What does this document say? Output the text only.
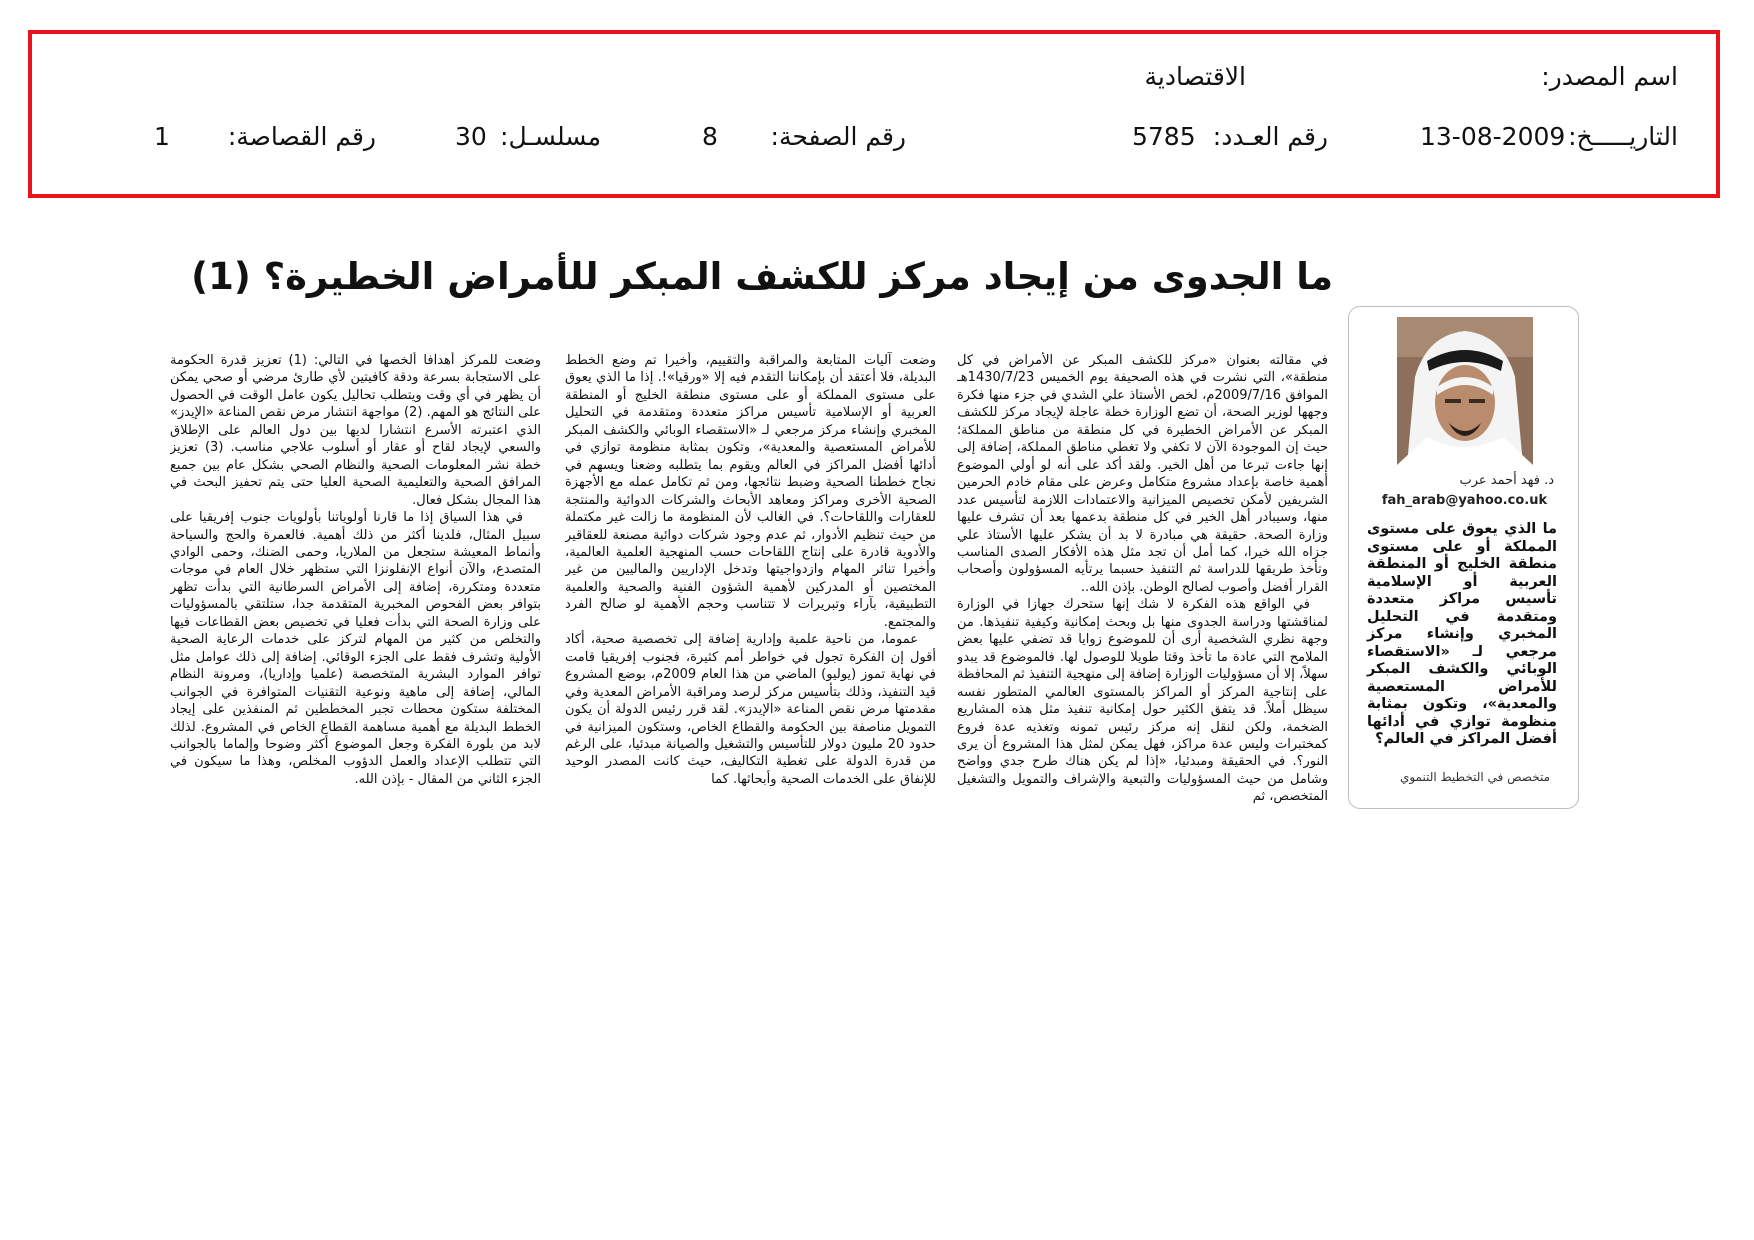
اسم المصدر:
الاقتصادية
التاريـــــخ:
13-08-2009
رقم العـدد:
5785
رقم الصفحة:
8
مسلسـل:
30
رقم القصاصة:
1
ما الجدوى من إيجاد مركز للكشف المبكر للأمراض الخطيرة؟ (1)
د. فهد أحمد عرب
fah_arab@yahoo.co.uk
ما الذي يعوق على مستوى المملكة أو على مستوى منطقة الخليج أو المنطقة العربية أو الإسلامية تأسيس مراكز متعددة ومتقدمة في التحليل المخبري وإنشاء مركز مرجعي لـ «الاستقصاء الوبائي والكشف المبكر للأمراض المستعصية والمعدية»، وتكون بمثابة منظومة توازي في أدائها أفضل المراكز في العالم؟
متخصص في التخطيط التنموي

في مقالته بعنوان «مركز للكشف المبكر عن الأمراض في كل منطقة»، التي نشرت في هذه الصحيفة يوم الخميس 1430/7/23هـ الموافق 2009/7/16م، لخص الأستاذ علي الشدي في جزء منها فكرة وجهها لوزير الصحة، أن تضع الوزارة خطة عاجلة لإيجاد مركز للكشف المبكر عن الأمراض الخطيرة في كل منطقة من مناطق المملكة؛ حيث إن الموجودة الآن لا تكفي ولا تغطي مناطق المملكة، إضافة إلى إنها جاءت تبرعا من أهل الخير. ولقد أكد على أنه لو أولي الموضوع أهمية خاصة بإعداد مشروع متكامل وعرض على مقام خادم الحرمين الشريفين لأمكن تخصيص الميزانية والاعتمادات اللازمة لتأسيس عدد منها، وسيبادر أهل الخير في كل منطقة بدعمها بعد أن تشرف عليها وزارة الصحة. حقيقة هي مبادرة لا بد أن يشكر عليها الأستاذ علي جزاه الله خيرا، كما أمل أن تجد مثل هذه الأفكار الصدى المناسب وتأخذ طريقها للدراسة ثم التنفيذ حسبما يرتأيه المسؤولون وأصحاب القرار أفضل وأصوب لصالح الوطن. بإذن الله..

في الواقع هذه الفكرة لا شك إنها ستحرك جهازا في الوزارة لمناقشتها ودراسة الجدوى منها بل وبحث إمكانية وكيفية تنفيذها. من وجهة نظري الشخصية أرى أن للموضوع زوايا قد تضفي عليها بعض الملامح التي عادة ما تأخذ وقتا طويلا للوصول لها. فالموضوع قد يبدو سهلاً، إلا أن مسؤوليات الوزارة إضافة إلى منهجية التنفيذ ثم المحافظة على إنتاجية المركز أو المراكز بالمستوى العالمي المتطور نفسه سيظل أملاً. قد يتفق الكثير حول إمكانية تنفيذ مثل هذه المشاريع الضخمة، ولكن لنقل إنه مركز رئيس تمونه وتغذيه عدة فروع كمختبرات وليس عدة مراكز، فهل يمكن لمثل هذا المشروع أن يرى النور؟. في الحقيقة ومبدئيا، «إذا لم يكن هناك طرح جدي وواضح وشامل من حيث المسؤوليات والتبعية والإشراف والتمويل والتشغيل المتخصص، ثم

وضعت آليات المتابعة والمراقبة والتقييم، وأخيرا تم وضع الخطط البديلة، فلا أعتقد أن بإمكاننا التقدم فيه إلا «ورقيا»!. إذا ما الذي يعوق على مستوى المملكة أو على مستوى منطقة الخليج أو المنطقة العربية أو الإسلامية تأسيس مراكز متعددة ومتقدمة في التحليل المخبري وإنشاء مركز مرجعي لـ «الاستقصاء الوبائي والكشف المبكر للأمراض المستعصية والمعدية»، وتكون بمثابة منظومة توازي في أدائها أفضل المراكز في العالم ويقوم بما يتطلبه وضعنا ويسهم في نجاح خططنا الصحية وضبط نتائجها، ومن ثم تكامل عمله مع الأجهزة الصحية الأخرى ومراكز ومعاهد الأبحاث والشركات الدوائية والمنتجة للعقارات واللقاحات؟. في الغالب لأن المنظومة ما زالت غير مكتملة من حيث تنظيم الأدوار، ثم عدم وجود شركات دوائية مصنعة للعقاقير والأدوية قادرة على إنتاج اللقاحات حسب المنهجية العلمية العالمية، وأخيرا تناثر المهام وازدواجيتها وتدخل الإداريين والماليين من غير المختصين أو المدركين لأهمية الشؤون الفنية والصحية والعلمية التطبيقية، بآراء وتبريرات لا تتناسب وحجم الأهمية لو صالح الفرد والمجتمع.

عموما، من ناحية علمية وإدارية إضافة إلى تخصصية صحية، أكاد أقول إن الفكرة تجول في خواطر أمم كثيرة، فجنوب إفريقيا قامت في نهاية تموز (يوليو) الماضي من هذا العام 2009م، بوضع المشروع قيد التنفيذ، وذلك بتأسيس مركز لرصد ومراقبة الأمراض المعدية وفي مقدمتها مرض نقص المناعة «الإيدز». لقد قرر رئيس الدولة أن يكون التمويل مناصفة بين الحكومة والقطاع الخاص، وستكون الميزانية في حدود 20 مليون دولار للتأسيس والتشغيل والصيانة مبدئيا، على الرغم من قدرة الدولة على تغطية التكاليف، حيث كانت المصدر الوحيد للإنفاق على الخدمات الصحية وأبحاثها. كما

وضعت للمركز أهدافا ألخصها في التالي: (1) تعزيز قدرة الحكومة على الاستجابة بسرعة ودقة كافيتين لأي طارئ مرضي أو صحي يمكن أن يظهر في أي وقت ويتطلب تحاليل يكون عامل الوقت في الحصول على النتائج هو المهم. (2) مواجهة انتشار مرض نقص المناعة «الإيدز» الذي اعتبرته الأسرع انتشارا لديها بين دول العالم على الإطلاق والسعي لإيجاد لقاح أو عقار أو أسلوب علاجي مناسب. (3) تعزيز خطة نشر المعلومات الصحية والنظام الصحي بشكل عام بين جميع المرافق الصحية والتعليمية الصحية العليا حتى يتم تحفيز البحث في هذا المجال بشكل فعال.

في هذا السياق إذا ما قارنا أولوياتنا بأولويات جنوب إفريقيا على سبيل المثال، فلدينا أكثر من ذلك أهمية. فالعمرة والحج والسياحة وأنماط المعيشة ستجعل من الملاريا، وحمى الضنك، وحمى الوادي المتصدع، والآن أنواع الإنفلونزا التي ستظهر خلال العام في موجات متعددة ومتكررة، إضافة إلى الأمراض السرطانية التي بدأت تظهر بتوافر بعض الفحوص المخبرية المتقدمة جدا، ستلتقي بالمسؤوليات على وزارة الصحة التي بدأت فعليا في تخصيص بعض القطاعات فيها والتخلص من كثير من المهام لتركز على خدمات الرعاية الصحية الأولية وتشرف فقط على الجزء الوقائي. إضافة إلى ذلك عوامل مثل توافر الموارد البشرية المتخصصة (علميا وإداريا)، ومرونة النظام المالي، إضافة إلى ماهية ونوعية التقنيات المتوافرة في الجوانب المختلفة ستكون محطات تجبر المخططين ثم المنفذين على إيجاد الخطط البديلة مع أهمية مساهمة القطاع الخاص في المشروع. لذلك لابد من بلورة الفكرة وجعل الموضوع أكثر وضوحا وإلماما بالجوانب التي تتطلب الإعداد والعمل الدؤوب المخلص، وهذا ما سيكون في الجزء الثاني من المقال - بإذن الله.
